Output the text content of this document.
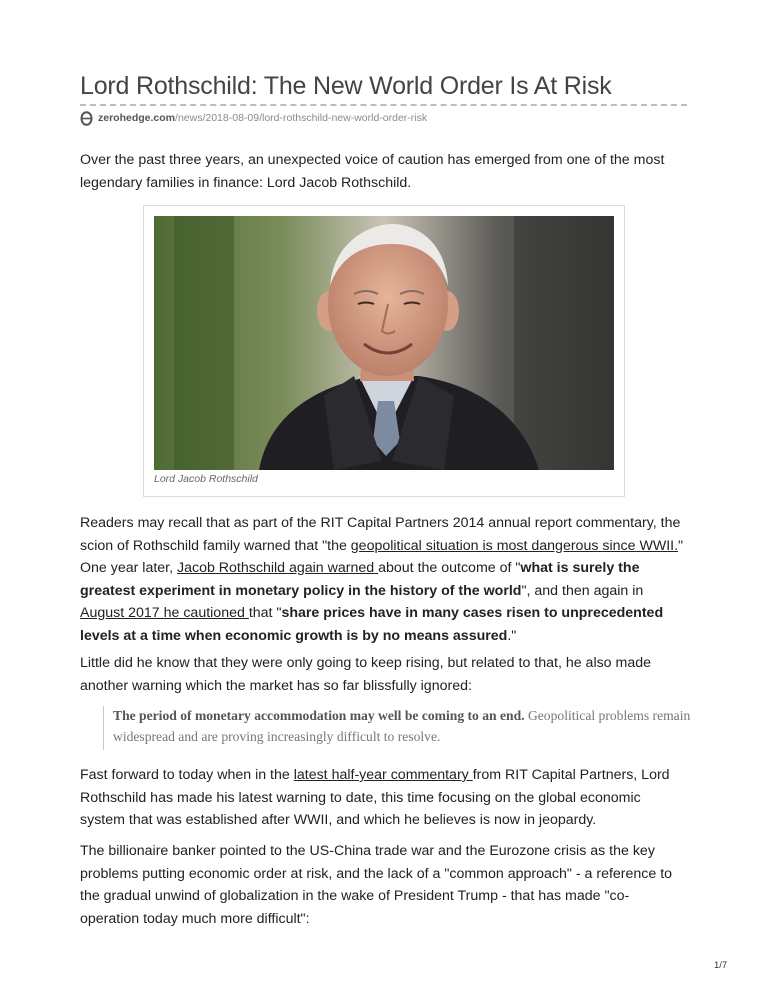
Lord Rothschild: The New World Order Is At Risk
zerohedge.com /news/2018-08-09/lord-rothschild-new-world-order-risk

Over the past three years, an unexpected voice of caution has emerged from one of the most legendary families in finance: Lord Jacob Rothschild.

Lord Jacob Rothschild

Readers may recall that as part of the RIT Capital Partners 2014 annual report commentary, the scion of Rothschild family warned that "the geopolitical situation is most dangerous since WWII." One year later, Jacob Rothschild again warned about the outcome of "what is surely the greatest experiment in monetary policy in the history of the world", and then again in August 2017 he cautioned that "share prices have in many cases risen to unprecedented levels at a time when economic growth is by no means assured."

Little did he know that they were only going to keep rising, but related to that, he also made another warning which the market has so far blissfully ignored:

The period of monetary accommodation may well be coming to an end. Geopolitical problems remain widespread and are proving increasingly difficult to resolve.

Fast forward to today when in the latest half-year commentary from RIT Capital Partners, Lord Rothschild has made his latest warning to date, this time focusing on the global economic system that was established after WWII, and which he believes is now in jeopardy.

The billionaire banker pointed to the US-China trade war and the Eurozone crisis as the key problems putting economic order at risk, and the lack of a "common approach" - a reference to the gradual unwind of globalization in the wake of President Trump - that has made "co-operation today much more difficult":

1/7
